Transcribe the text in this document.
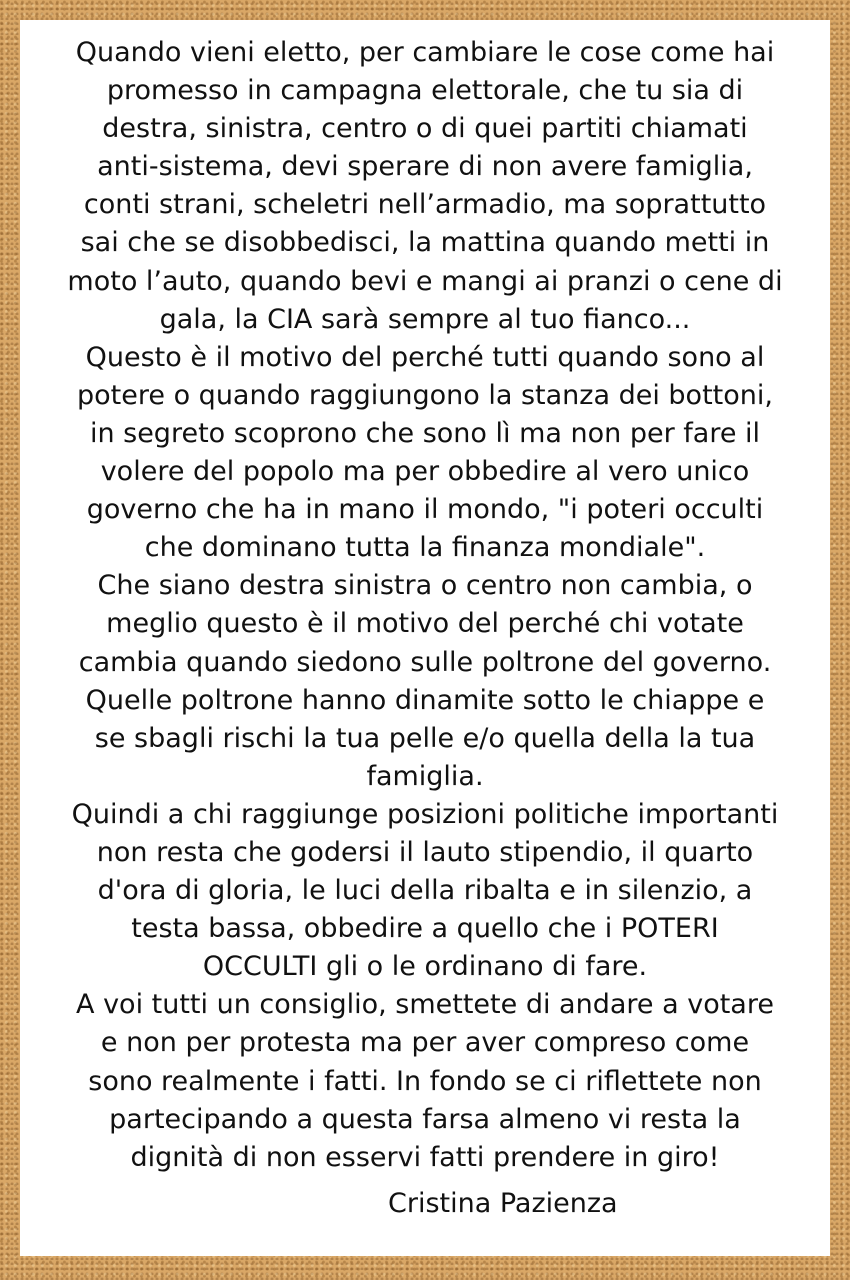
Quando vieni eletto, per cambiare le cose come hai
promesso in campagna elettorale, che tu sia di
destra, sinistra, centro o di quei partiti chiamati
anti-sistema, devi sperare di non avere famiglia,
conti strani, scheletri nell’armadio, ma soprattutto
sai che se disobbedisci, la mattina quando metti in
moto l’auto, quando bevi e mangi ai pranzi o cene di
gala, la CIA sarà sempre al tuo fianco...
Questo è il motivo del perché tutti quando sono al
potere o quando raggiungono la stanza dei bottoni,
in segreto scoprono che sono lì ma non per fare il
volere del popolo ma per obbedire al vero unico
governo che ha in mano il mondo, "i poteri occulti
che dominano tutta la finanza mondiale".
Che siano destra sinistra o centro non cambia, o
meglio questo è il motivo del perché chi votate
cambia quando siedono sulle poltrone del governo.
Quelle poltrone hanno dinamite sotto le chiappe e
se sbagli rischi la tua pelle e/o quella della la tua
famiglia.
Quindi a chi raggiunge posizioni politiche importanti
non resta che godersi il lauto stipendio, il quarto
d'ora di gloria, le luci della ribalta e in silenzio, a
testa bassa, obbedire a quello che i POTERI
OCCULTI gli o le ordinano di fare.
A voi tutti un consiglio, smettete di andare a votare
e non per protesta ma per aver compreso come
sono realmente i fatti. In fondo se ci riflettete non
partecipando a questa farsa almeno vi resta la
dignità di non esservi fatti prendere in giro!

Cristina Pazienza
